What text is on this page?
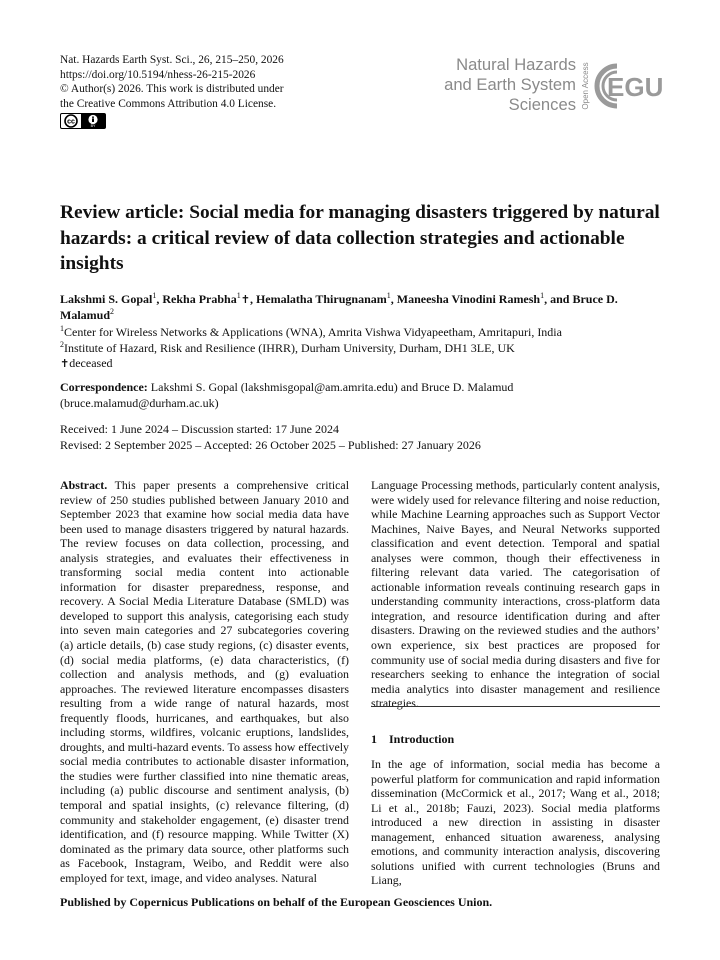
Nat. Hazards Earth Syst. Sci., 26, 215–250, 2026
https://doi.org/10.5194/nhess-26-215-2026
© Author(s) 2026. This work is distributed under
the Creative Commons Attribution 4.0 License.
cc
BY
Natural Hazards
and Earth System
Sciences Open Access EGU
Review article: Social media for managing disasters triggered by natural hazards: a critical review of data collection strategies and actionable insights
Lakshmi S. Gopal$^1$, Rekha Prabha$^1$✝, Hemalatha Thirugnanam$^1$, Maneesha Vinodini Ramesh$^1$, and Bruce D. Malamud$^2$
$^1$Center for Wireless Networks & Applications (WNA), Amrita Vishwa Vidyapeetham, Amritapuri, India
$^2$Institute of Hazard, Risk and Resilience (IHRR), Durham University, Durham, DH1 3LE, UK
✝deceased
Correspondence: Lakshmi S. Gopal (lakshmisgopal@am.amrita.edu) and Bruce D. Malamud (bruce.malamud@durham.ac.uk)
Received: 1 June 2024 – Discussion started: 17 June 2024
Revised: 2 September 2025 – Accepted: 26 October 2025 – Published: 27 January 2026

Abstract. This paper presents a comprehensive critical review of 250 studies published between January 2010 and September 2023 that examine how social media data have been used to manage disasters triggered by natural hazards. The review focuses on data collection, processing, and analysis strategies, and evaluates their effectiveness in transforming social media content into actionable information for disaster preparedness, response, and recovery. A Social Media Literature Database (SMLD) was developed to support this analysis, categorising each study into seven main categories and 27 subcategories covering (a) article details, (b) case study regions, (c) disaster events, (d) social media platforms, (e) data characteristics, (f) collection and analysis methods, and (g) evaluation approaches. The reviewed literature encompasses disasters resulting from a wide range of natural hazards, most frequently floods, hurricanes, and earthquakes, but also including storms, wildfires, volcanic eruptions, landslides, droughts, and multi-hazard events. To assess how effectively social media contributes to actionable disaster information, the studies were further classified into nine thematic areas, including (a) public discourse and sentiment analysis, (b) temporal and spatial insights, (c) relevance filtering, (d) community and stakeholder engagement, (e) disaster trend identification, and (f) resource mapping. While Twitter (X) dominated as the primary data source, other platforms such as Facebook, Instagram, Weibo, and Reddit were also employed for text, image, and video analyses. Natural

Language Processing methods, particularly content analysis, were widely used for relevance filtering and noise reduction, while Machine Learning approaches such as Support Vector Machines, Naive Bayes, and Neural Networks supported classification and event detection. Temporal and spatial analyses were common, though their effectiveness in filtering relevant data varied. The categorisation of actionable information reveals continuing research gaps in understanding community interactions, cross-platform data integration, and resource identification during and after disasters. Drawing on the reviewed studies and the authors’ own experience, six best practices are proposed for community use of social media during disasters and five for researchers seeking to enhance the integration of social media analytics into disaster management and resilience strategies.

1 Introduction

In the age of information, social media has become a powerful platform for communication and rapid information dissemination (McCormick et al., 2017; Wang et al., 2018; Li et al., 2018b; Fauzi, 2023). Social media platforms introduced a new direction in assisting in disaster management, enhanced situation awareness, analysing emotions, and community interaction analysis, discovering solutions unified with current technologies (Bruns and Liang,

Published by Copernicus Publications on behalf of the European Geosciences Union.
